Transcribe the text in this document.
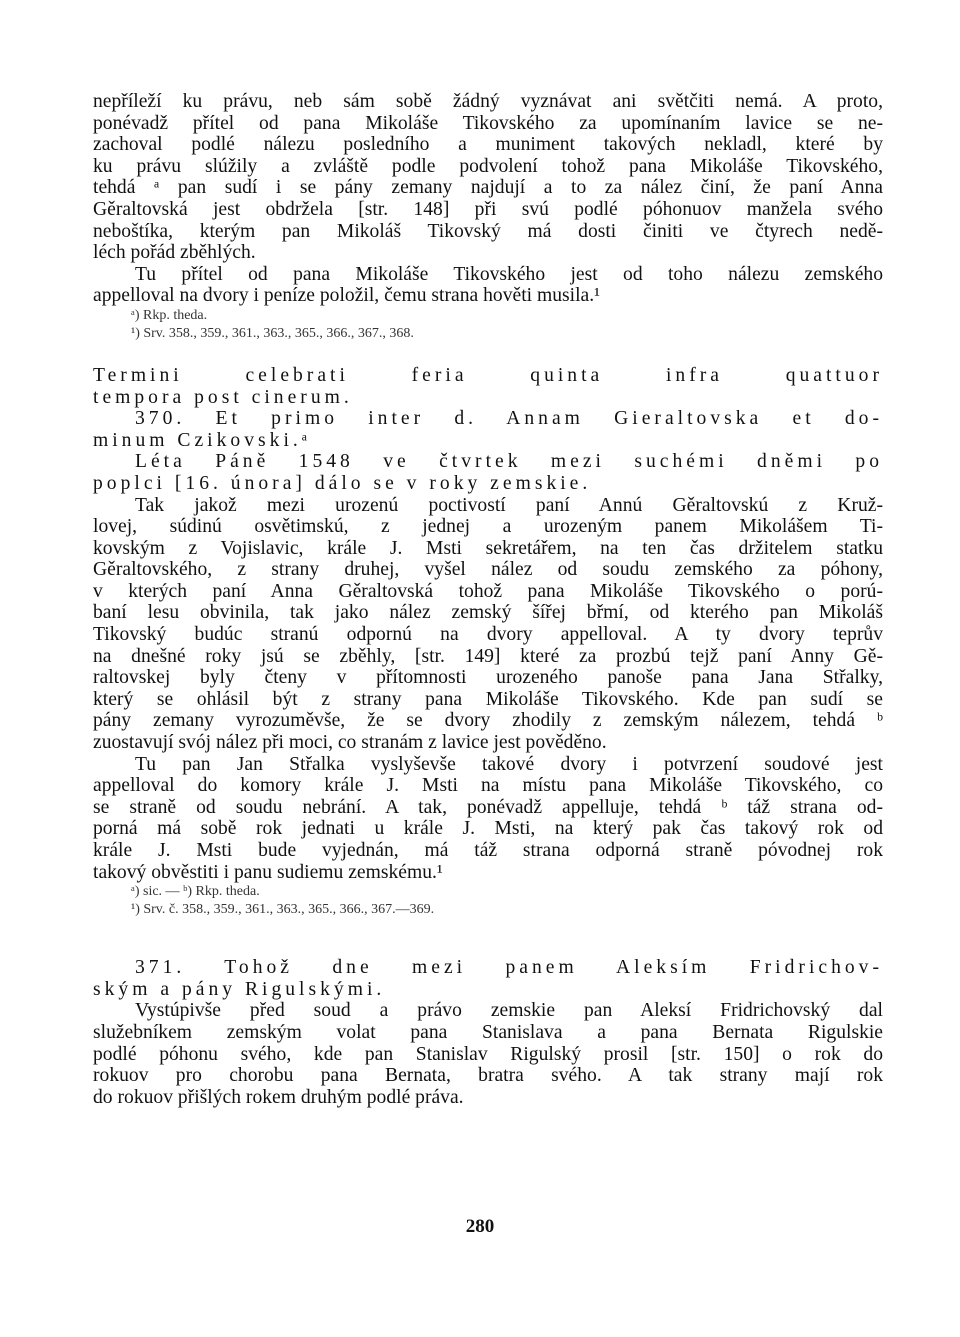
nepříleží ku právu, neb sám sobě žádný vyznávat ani světčiti nemá. A proto,
ponévadž přítel od pana Mikoláše Tikovského za upomínaním lavice se ne-
zachoval podlé nálezu posledního a muniment takových nekladl, které by
ku právu slúžily a zvláště podle podvolení tohož pana Mikoláše Tikovského,
tehdá ᵃ pan sudí i se pány zemany najdují a to za nález činí, že paní Anna
Gěraltovská jest obdržela [str. 148] při svú podlé póhonuov manžela svého
neboštíka, kterým pan Mikoláš Tikovský má dosti činiti ve čtyrech nedě-
léch pořád zběhlých.
Tu přítel od pana Mikoláše Tikovského jest od toho nálezu zemského
appelloval na dvory i peníze položil, čemu strana hověti musila.¹
ᵃ) Rkp. theda.
¹) Srv. 358., 359., 361., 363., 365., 366., 367., 368.
Termini celebrati feria quinta infra quattuor
tempora post cinerum.
370. Et primo inter d. Annam Gieraltovska et do-
minum Czikovski.ᵃ
Léta Páně 1548 ve čtvrtek mezi suchémi dněmi po
poplci [16. února] dálo se v roky zemskie.
Tak jakož mezi urozenú poctivostí paní Annú Gěraltovskú z Kruž-
lovej, súdinú osvětimskú, z jednej a urozeným panem Mikolášem Ti-
kovským z Vojislavic, krále J. Msti sekretářem, na ten čas držitelem statku
Gěraltovského, z strany druhej, vyšel nález od soudu zemského za póhony,
v kterých paní Anna Gěraltovská tohož pana Mikoláše Tikovského o porú-
baní lesu obvinila, tak jako nález zemský šířej břmí, od kterého pan Mikoláš
Tikovský budúc stranú odpornú na dvory appelloval. A ty dvory teprův
na dnešné roky jsú se zběhly, [str. 149] které za prozbú tejž paní Anny Gě-
raltovskej byly čteny v přítomnosti urozeného panoše pana Jana Střalky,
který se ohlásil být z strany pana Mikoláše Tikovského. Kde pan sudí se
pány zemany vyrozuměvše, že se dvory zhodily z zemským nálezem, tehdá ᵇ
zuostavují svój nález při moci, co stranám z lavice jest pověděno.
Tu pan Jan Střalka vyslyševše takové dvory i potvrzení soudové jest
appelloval do komory krále J. Msti na místu pana Mikoláše Tikovského, co
se straně od soudu nebrání. A tak, ponévadž appelluje, tehdá ᵇ táž strana od-
porná má sobě rok jednati u krále J. Msti, na který pak čas takový rok od
krále J. Msti bude vyjednán, má táž strana odporná straně póvodnej rok
takový obvěstiti i panu sudiemu zemskému.¹
ᵃ) sic. — ᵇ) Rkp. theda.
¹) Srv. č. 358., 359., 361., 363., 365., 366., 367.—369.
371. Tohož dne mezi panem Aleksím Fridrichov-
ským a pány Rigulskými.
Vystúpivše před soud a právo zemskie pan Aleksí Fridrichovský dal
služebníkem zemským volat pana Stanislava a pana Bernata Rigulskie
podlé póhonu svého, kde pan Stanislav Rigulský prosil [str. 150] o rok do
rokuov pro chorobu pana Bernata, bratra svého. A tak strany mají rok
do rokuov přišlých rokem druhým podlé práva.
280
